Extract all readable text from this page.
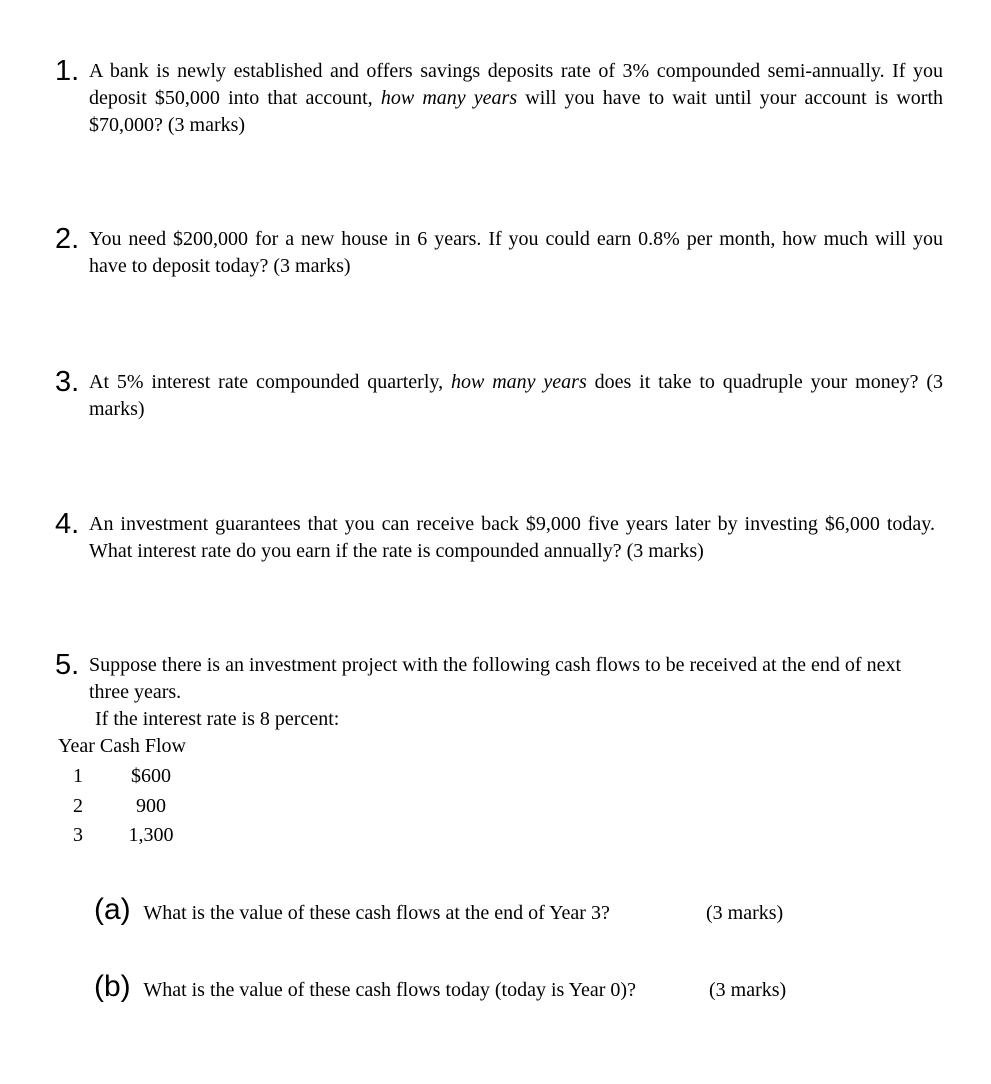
1. A bank is newly established and offers savings deposits rate of 3% compounded semi-annually. If you deposit $50,000 into that account, how many years will you have to wait until your account is worth $70,000? (3 marks)
2. You need $200,000 for a new house in 6 years. If you could earn 0.8% per month, how much will you have to deposit today? (3 marks)
3. At 5% interest rate compounded quarterly, how many years does it take to quadruple your money? (3 marks)
4. An investment guarantees that you can receive back $9,000 five years later by investing $6,000 today. What interest rate do you earn if the rate is compounded annually? (3 marks)
5. Suppose there is an investment project with the following cash flows to be received at the end of next three years.
If the interest rate is 8 percent:
Year Cash Flow
1	$600
2	900
3	1,300
(a) What is the value of these cash flows at the end of Year 3?	(3 marks)
(b) What is the value of these cash flows today (today is Year 0)?	(3 marks)
